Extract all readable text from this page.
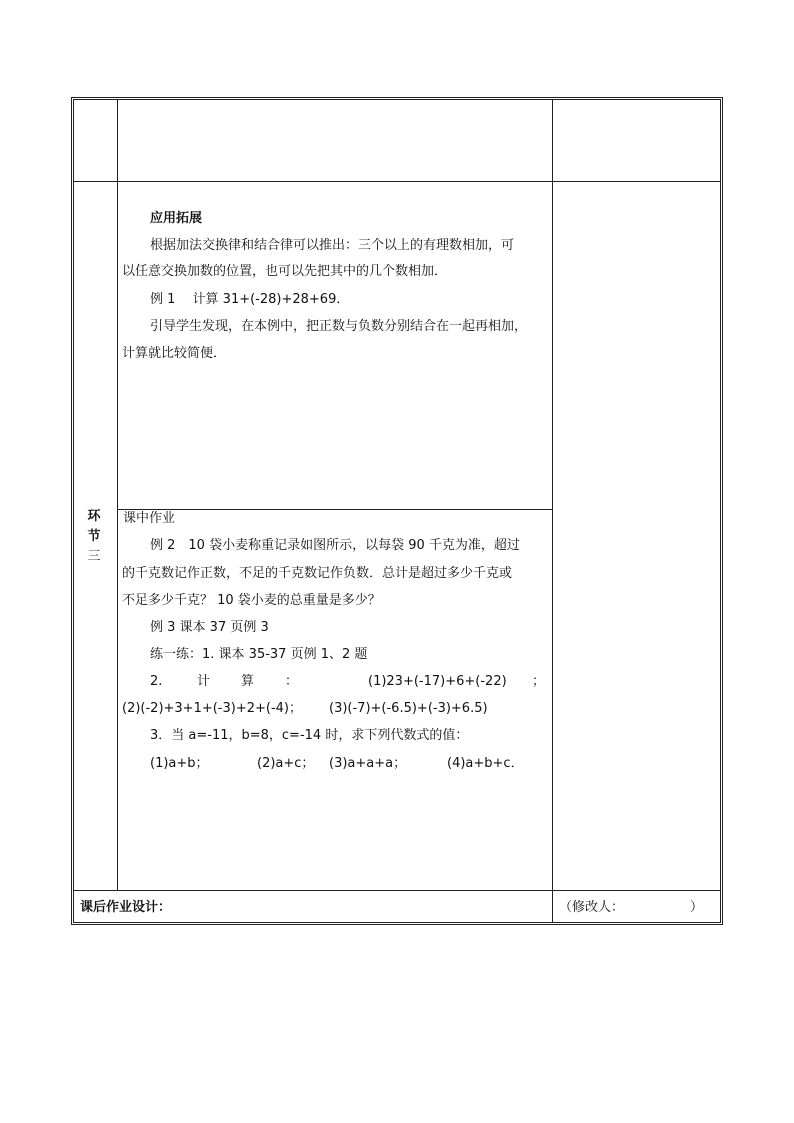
环
节
三
应用拓展
根据加法交换律和结合律可以推出：三个以上的有理数相加，可
以任意交换加数的位置，也可以先把其中的几个数相加．
例 1　 计算 31+(-28)+28+69．
引导学生发现，在本例中，把正数与负数分别结合在一起再相加，
计算就比较简便．
课中作业
例 2　10 袋小麦称重记录如图所示，以每袋 90 千克为准，超过
的千克数记作正数，不足的千克数记作负数．总计是超过多少千克或
不足多少千克？ 10 袋小麦的总重量是多少？
例 3 课本 37 页例 3
练一练：1. 课本 35-37 页例 1、2 题
2.	计 算 ：	(1)23+(-17)+6+(-22) ；
(2)(-2)+3+1+(-3)+2+(-4)； (3)(-7)+(-6.5)+(-3)+6.5)
3．当 a=-11，b=8，c=-14 时，求下列代数式的值：
(1)a+b；	(2)a+c； (3)a+a+a；	(4)a+b+c．
课后作业设计：	（修改人：	）
